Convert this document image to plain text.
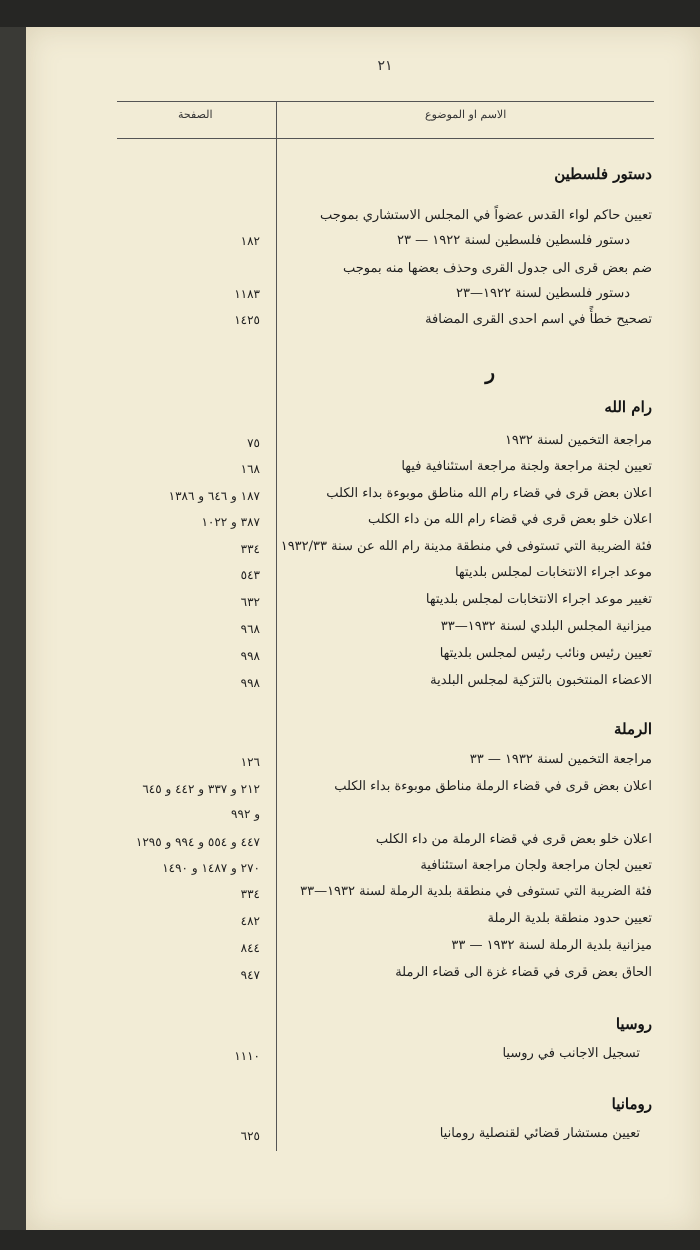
٢١
الاسم او الموضوع
الصفحة
دستور فلسطين
تعيين حاكم لواء القدس عضواً في المجلس الاستشاري بموجب
دستور فلسطين فلسطين لسنة ١٩٢٢ — ٢٣
١٨٢
ضم بعض قرى الى جدول القرى وحذف بعضها منه بموجب
دستور فلسطين لسنة ١٩٢٢—٢٣
١١٨٣
تصحيح خطأً في اسم احدى القرى المضافة
١٤٢٥
ر
رام الله
مراجعة التخمين لسنة ١٩٣٢
٧٥
تعيين لجنة مراجعة ولجنة مراجعة استئنافية فيها
١٦٨
اعلان بعض قرى في قضاء رام الله مناطق موبوءة بداء الكلب
١٨٧ و ٦٤٦ و ١٣٨٦
اعلان خلو بعض قرى في قضاء رام الله من داء الكلب
٣٨٧ و ١٠٢٢
فئة الضريبة التي تستوفى في منطقة مدينة رام الله عن سنة ١٩٣٢/٣٣
٣٣٤
موعد اجراء الانتخابات لمجلس بلديتها
٥٤٣
تغيير موعد اجراء الانتخابات لمجلس بلديتها
٦٣٢
ميزانية المجلس البلدي لسنة ١٩٣٢—٣٣
٩٦٨
تعيين رئيس ونائب رئيس لمجلس بلديتها
٩٩٨
الاعضاء المنتخبون بالتزكية لمجلس البلدية
٩٩٨
الرملة
مراجعة التخمين لسنة ١٩٣٢ — ٣٣
١٢٦
اعلان بعض قرى في قضاء الرملة مناطق موبوءة بداء الكلب
٢١٢ و ٣٣٧ و ٤٤٢ و ٦٤٥
و ٩٩٢
اعلان خلو بعض قرى في قضاء الرملة من داء الكلب
٤٤٧ و ٥٥٤ و ٩٩٤ و ١٢٩٥
تعيين لجان مراجعة ولجان مراجعة استئنافية
٢٧٠ و ١٤٨٧ و ١٤٩٠
فئة الضريبة التي تستوفى في منطقة بلدية الرملة لسنة ١٩٣٢—٣٣
٣٣٤
تعيين حدود منطقة بلدية الرملة
٤٨٢
ميزانية بلدية الرملة لسنة ١٩٣٢ — ٣٣
٨٤٤
الحاق بعض قرى في قضاء غزة الى قضاء الرملة
٩٤٧
روسيا
تسجيل الاجانب في روسيا
١١١٠
رومانيا
تعيين مستشار قضائي لقنصلية رومانيا
٦٢٥
